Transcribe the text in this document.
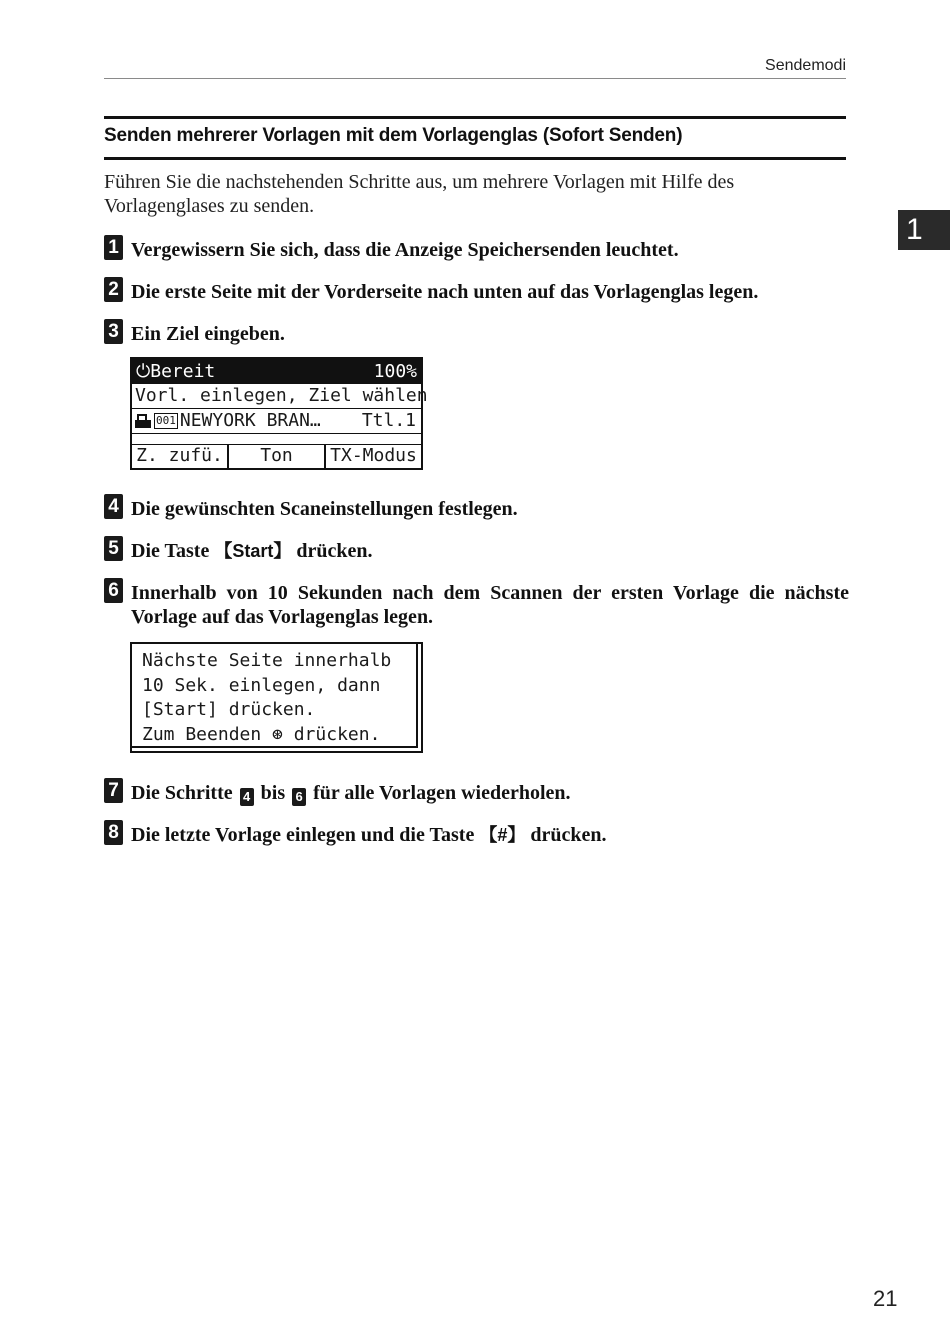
Sendemodi
Senden mehrerer Vorlagen mit dem Vorlagenglas (Sofort Senden)
1
Führen Sie die nachstehenden Schritte aus, um mehrere Vorlagen mit Hilfe des Vorlagenglases zu senden.
1 Vergewissern Sie sich, dass die Anzeige Speichersenden leuchtet.
2 Die erste Seite mit der Vorderseite nach unten auf das Vorlagenglas legen.
3 Ein Ziel eingeben.
⏻Bereit	100%
Vorl. einlegen, Ziel wählen
001 NEWYORK BRAN…	Ttl.1
Z. zufü.	Ton	TX-Modus
4 Die gewünschten Scaneinstellungen festlegen.
5 Die Taste 【Start】 drücken.
6 Innerhalb von 10 Sekunden nach dem Scannen der ersten Vorlage die nächste Vorlage auf das Vorlagenglas legen.
Nächste Seite innerhalb
10 Sek. einlegen, dann
[Start] drücken.
Zum Beenden ⊛ drücken.
7 Die Schritte 4 bis 6 für alle Vorlagen wiederholen.
8 Die letzte Vorlage einlegen und die Taste 【#】 drücken.
21
